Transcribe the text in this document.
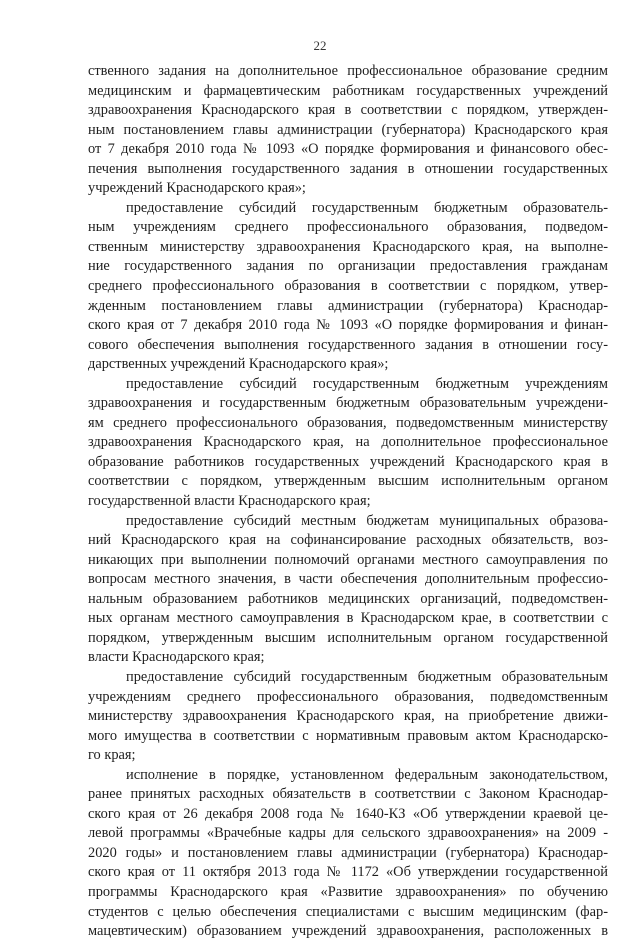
22
ственного задания на дополнительное профессиональное образование средним
медицинским и фармацевтическим работникам государственных учреждений
здравоохранения Краснодарского края в соответствии с порядком, утвержден-
ным постановлением главы администрации (губернатора) Краснодарского края
от 7 декабря 2010 года № 1093 «О порядке формирования и финансового обес-
печения выполнения государственного задания в отношении государственных
учреждений Краснодарского края»;
предоставление субсидий государственным бюджетным образователь-
ным учреждениям среднего профессионального образования, подведом-
ственным министерству здравоохранения Краснодарского края, на выполне-
ние государственного задания по организации предоставления гражданам
среднего профессионального образования в соответствии с порядком, утвер-
жденным постановлением главы администрации (губернатора) Краснодар-
ского края от 7 декабря 2010 года № 1093 «О порядке формирования и финан-
сового обеспечения выполнения государственного задания в отношении госу-
дарственных учреждений Краснодарского края»;
предоставление субсидий государственным бюджетным учреждениям
здравоохранения и государственным бюджетным образовательным учреждени-
ям среднего профессионального образования, подведомственным министерству
здравоохранения Краснодарского края, на дополнительное профессиональное
образование работников государственных учреждений Краснодарского края в
соответствии с порядком, утвержденным высшим исполнительным органом
государственной власти Краснодарского края;
предоставление субсидий местным бюджетам муниципальных образова-
ний Краснодарского края на софинансирование расходных обязательств, воз-
никающих при выполнении полномочий органами местного самоуправления по
вопросам местного значения, в части обеспечения дополнительным профессио-
нальным образованием работников медицинских организаций, подведомствен-
ных органам местного самоуправления в Краснодарском крае, в соответствии с
порядком, утвержденным высшим исполнительным органом государственной
власти Краснодарского края;
предоставление субсидий государственным бюджетным образовательным
учреждениям среднего профессионального образования, подведомственным
министерству здравоохранения Краснодарского края, на приобретение движи-
мого имущества в соответствии с нормативным правовым актом Краснодарско-
го края;
исполнение в порядке, установленном федеральным законодательством,
ранее принятых расходных обязательств в соответствии с Законом Краснодар-
ского края от 26 декабря 2008 года № 1640-КЗ «Об утверждении краевой це-
левой программы «Врачебные кадры для сельского здравоохранения» на 2009 -
2020 годы» и постановлением главы администрации (губернатора) Краснодар-
ского края от 11 октября 2013 года № 1172 «Об утверждении государственной
программы Краснодарского края «Развитие здравоохранения» по обучению
студентов с целью обеспечения специалистами с высшим медицинским (фар-
мацевтическим) образованием учреждений здравоохранения, расположенных в
